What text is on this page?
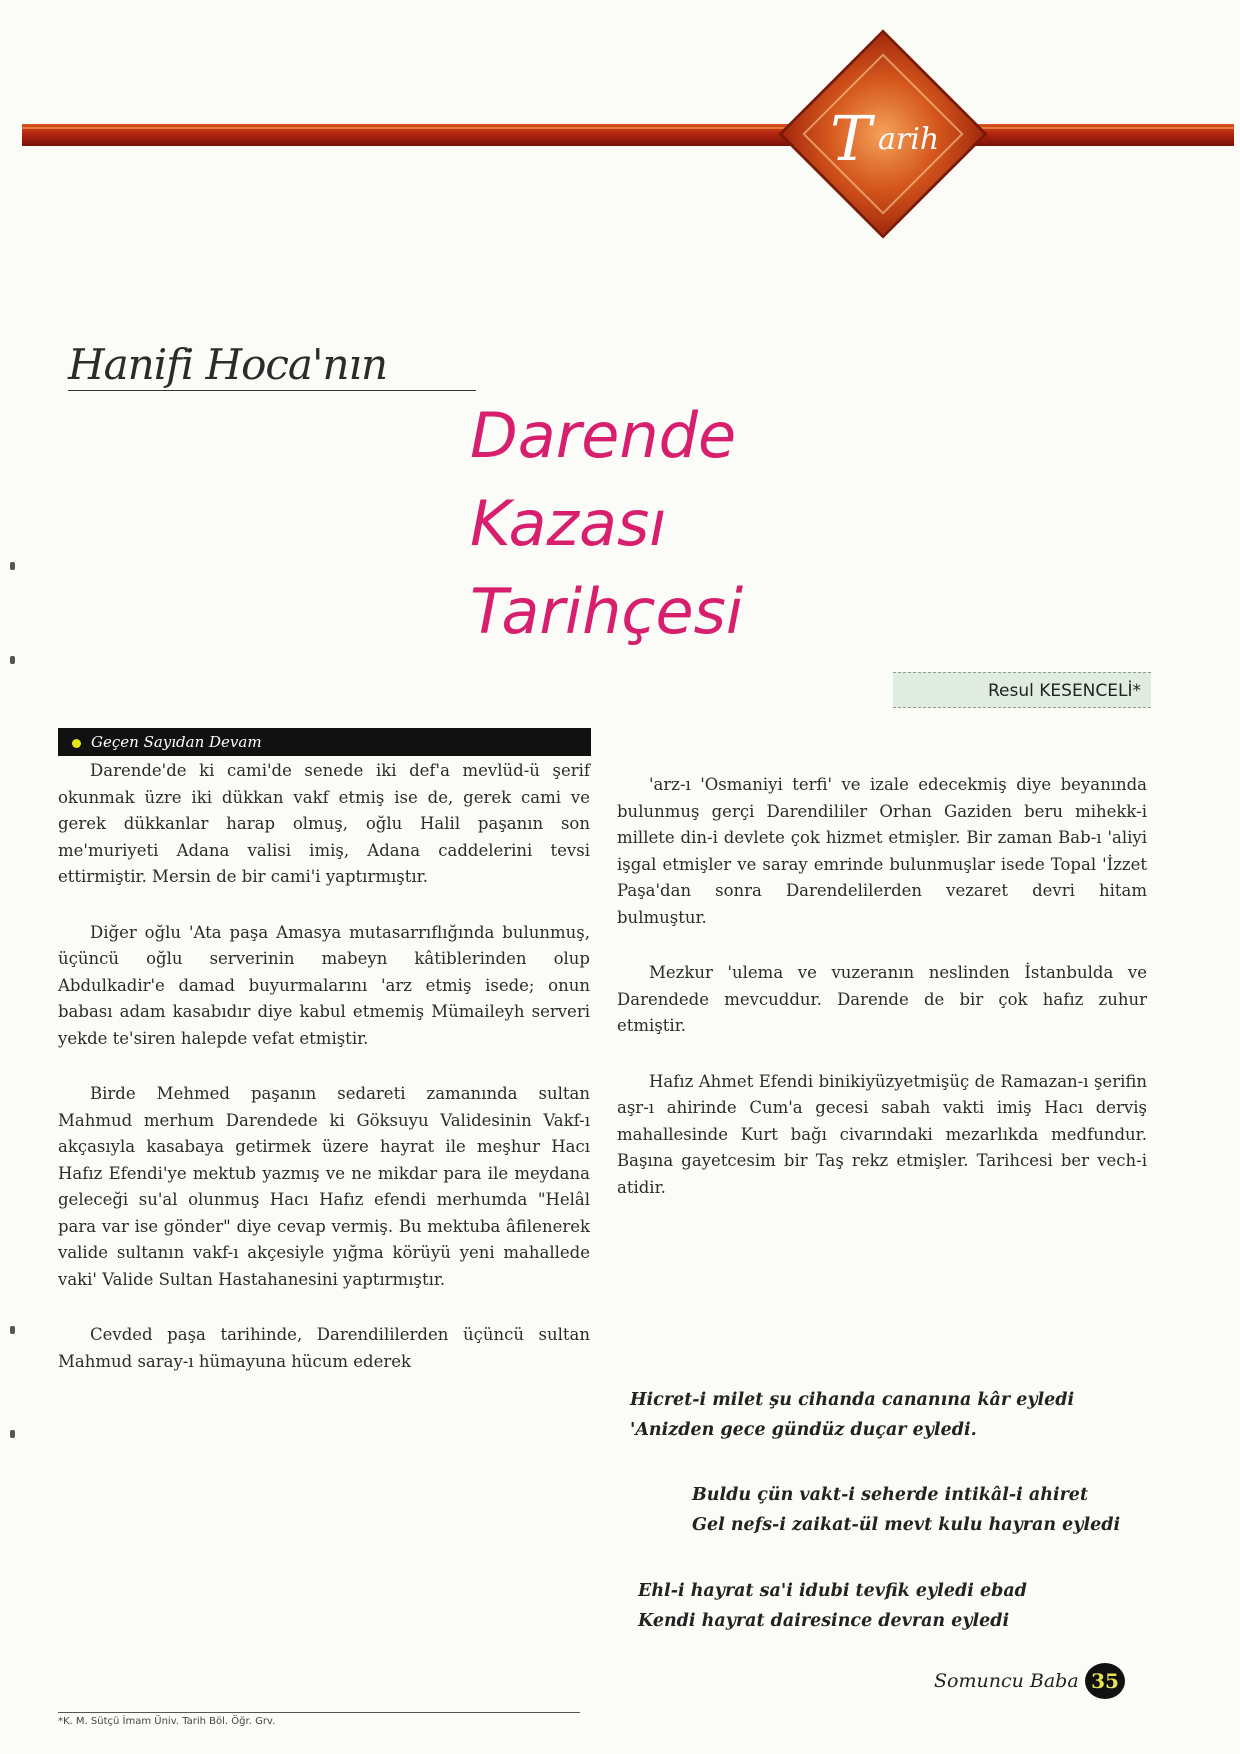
T arih
Hanifi Hoca'nın
Darende
Kazası
Tarihçesi
Resul KESENCELİ*
Geçen Sayıdan Devam

Darende'de ki cami'de senede iki def'a mevlüd-ü şerif okunmak üzre iki dükkan vakf etmiş ise de, gerek cami ve gerek dükkanlar harap olmuş, oğlu Halil paşanın son me'muriyeti Adana valisi imiş, Adana caddelerini tevsi ettirmiştir. Mersin de bir cami'i yaptırmıştır.

Diğer oğlu 'Ata paşa Amasya mutasarrıflığında bulunmuş, üçüncü oğlu serverinin mabeyn kâtiblerinden olup Abdulkadir'e damad buyurmalarını 'arz etmiş isede; onun babası adam kasabıdır diye kabul etmemiş Mümaileyh serveri yekde te'siren halepde vefat etmiştir.

Birde Mehmed paşanın sedareti zamanında sultan Mahmud merhum Darendede ki Göksuyu Validesinin Vakf-ı akçasıyla kasabaya getirmek üzere hayrat ile meşhur Hacı Hafız Efendi'ye mektub yazmış ve ne mikdar para ile meydana geleceği su'al olunmuş Hacı Hafız efendi merhumda "Helâl para var ise gönder" diye cevap vermiş. Bu mektuba âfilenerek valide sultanın vakf-ı akçesiyle yığma körüyü yeni mahallede vaki' Valide Sultan Hastahanesini yaptırmıştır.

Cevded paşa tarihinde, Darendililerden üçüncü sultan Mahmud saray-ı hümayuna hücum ederek

'arz-ı 'Osmaniyi terfi' ve izale edecekmiş diye beyanında bulunmuş gerçi Darendililer Orhan Gaziden beru mihekk-i millete din-i devlete çok hizmet etmişler. Bir zaman Bab-ı 'aliyi işgal etmişler ve saray emrinde bulunmuşlar isede Topal 'İzzet Paşa'dan sonra Darendelilerden vezaret devri hitam bulmuştur.

Mezkur 'ulema ve vuzeranın neslinden İstanbulda ve Darendede mevcuddur. Darende de bir çok hafız zuhur etmiştir.

Hafız Ahmet Efendi binikiyüzyetmişüç de Ramazan-ı şerifin aşr-ı ahirinde Cum'a gecesi sabah vakti imiş Hacı derviş mahallesinde Kurt bağı civarındaki mezarlıkda medfundur. Başına gayetcesim bir Taş rekz etmişler. Tarihcesi ber vech-i atidir.

Hicret-i milet şu cihanda cananına kâr eyledi
'Anizden gece gündüz duçar eyledi.
Buldu çün vakt-i seherde intikâl-i ahiret
Gel nefs-i zaikat-ül mevt kulu hayran eyledi
Ehl-i hayrat sa'i idubi tevfik eyledi ebad
Kendi hayrat dairesince devran eyledi
*K. M. Sütçü İmam Üniv. Tarih Böl. Öğr. Grv.
Somuncu Baba 35
